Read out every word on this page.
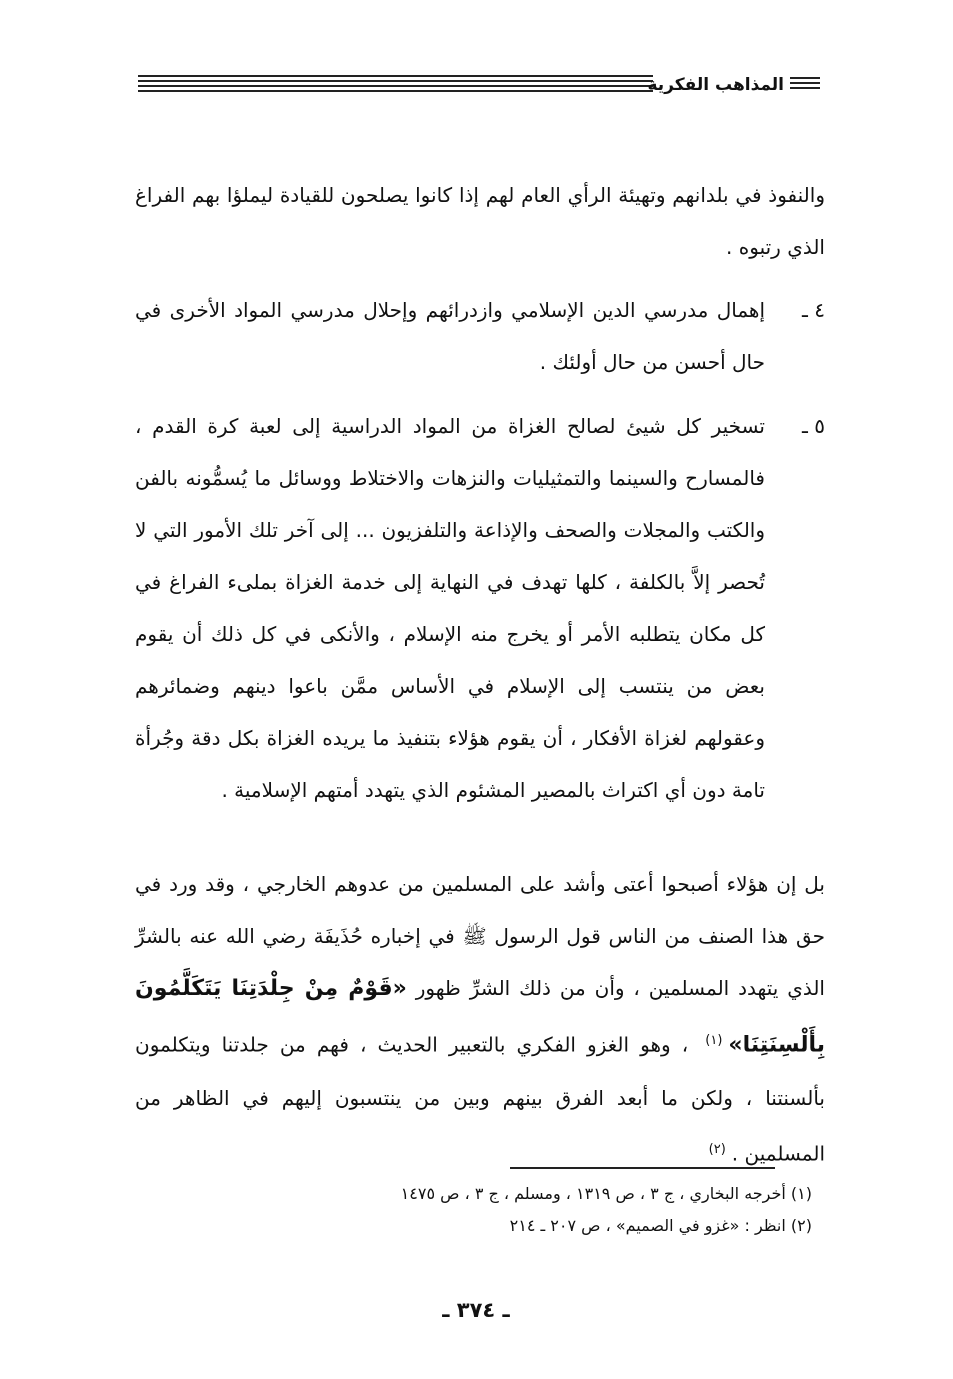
المذاهب الفكرية
والنفوذ في بلدانهم وتهيئة الرأي العام لهم إذا كانوا يصلحون للقيادة ليملؤا بهم الفراغ الذي رتبوه .
٤ ـ
إهمال مدرسي الدين الإسلامي وازدرائهم وإحلال مدرسي المواد الأخرى في حال أحسن من حال أولئك .
٥ ـ
تسخير كل شيئ لصالح الغزاة من المواد الدراسية إلى لعبة كرة القدم ، فالمسارح والسينما والتمثيليات والنزهات والاختلاط ووسائل ما يُسمُّونه بالفن والكتب والمجلات والصحف والإذاعة والتلفزيون ... إلى آخر تلك الأمور التي لا تُحصر إلاَّ بالكلفة ، كلها تهدف في النهاية إلى خدمة الغزاة بملىء الفراغ في كل مكان يتطلبه الأمر أو يخرج منه الإسلام ، والأنكى في كل ذلك أن يقوم بعض من ينتسب إلى الإسلام في الأساس ممَّن باعوا دينهم وضمائرهم وعقولهم لغزاة الأفكار ، أن يقوم هؤلاء بتنفيذ ما يريده الغزاة بكل دقة وجُرأة تامة دون أي اكتراث بالمصير المشئوم الذي يتهدد أمتهم الإسلامية .
بل إن هؤلاء أصبحوا أعتى وأشد على المسلمين من عدوهم الخارجي ، وقد ورد في حق هذا الصنف من الناس قول الرسول ﷺ في إخباره حُذَيفَة رضي الله عنه بالشرِّ الذي يتهدد المسلمين ، وأن من ذلك الشرِّ ظهور «قَوْمٌ مِنْ جِلْدَتِنَا يَتَكَلَّمُونَ بِأَلْسِنَتِنَا»$^{(١)}$ ، وهو الغزو الفكري بالتعبير الحديث ، فهم من جلدتنا ويتكلمون بألسنتنا ، ولكن ما أبعد الفرق بينهم وبين من ينتسبون إليهم في الظاهر من المسلمين .$^{(٢)}$
(١) أخرجه البخاري ، ج ٣ ، ص ١٣١٩ ، ومسلم ، ج ٣ ، ص ١٤٧٥
(٢) انظر : «غزو في الصميم» ، ص ٢٠٧ ـ ٢١٤
ـ ٣٧٤ ـ
